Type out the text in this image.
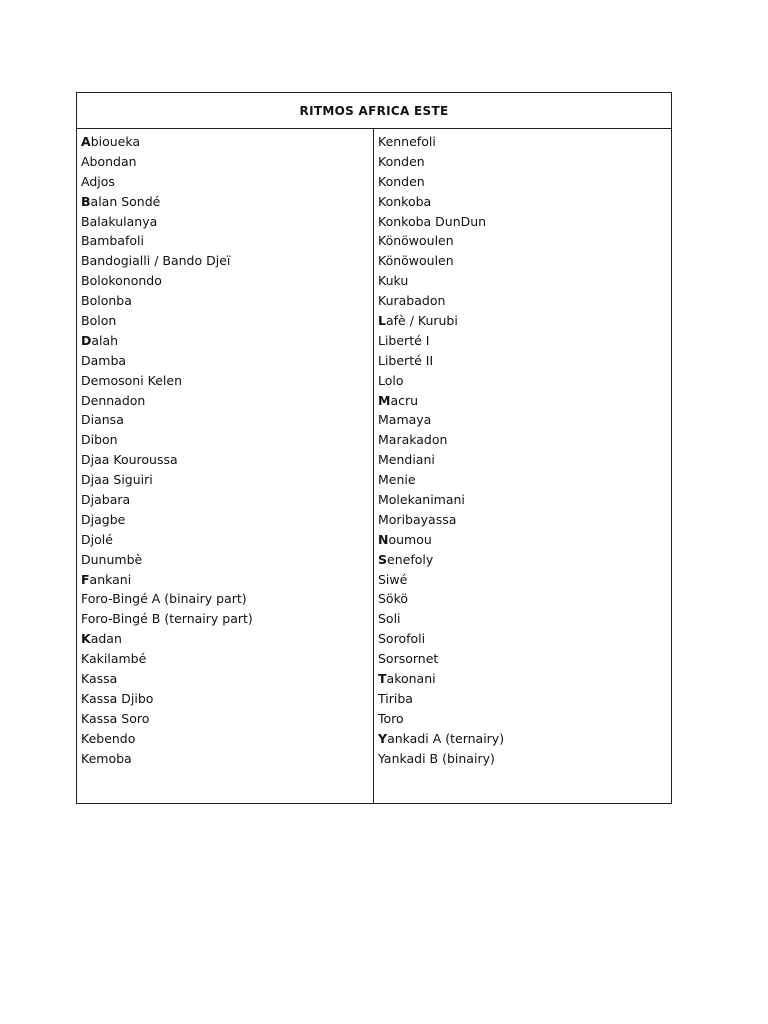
RITMOS AFRICA ESTE
Abioueka
Abondan
Adjos
Balan Sondé
Balakulanya
Bambafoli
Bandogialli / Bando Djeï
Bolokonondo
Bolonba
Bolon
Dalah
Damba
Demosoni Kelen
Dennadon
Diansa
Dibon
Djaa Kouroussa
Djaa Siguiri
Djabara
Djagbe
Djolé
Dunumbè
Fankani
Foro-Bingé A (binairy part)
Foro-Bingé B (ternairy part)
Kadan
Kakilambé
Kassa
Kassa Djibo
Kassa Soro
Kebendo
Kemoba
Kennefoli
Konden
Konden
Konkoba
Konkoba DunDun
Könöwoulen
Könöwoulen
Kuku
Kurabadon
Lafè / Kurubi
Liberté I
Liberté II
Lolo
Macru
Mamaya
Marakadon
Mendiani
Menie
Molekanimani
Moribayassa
Noumou
Senefoly
Siwé
Sökö
Soli
Sorofoli
Sorsornet
Takonani
Tiriba
Toro
Yankadi A (ternairy)
Yankadi B (binairy)
